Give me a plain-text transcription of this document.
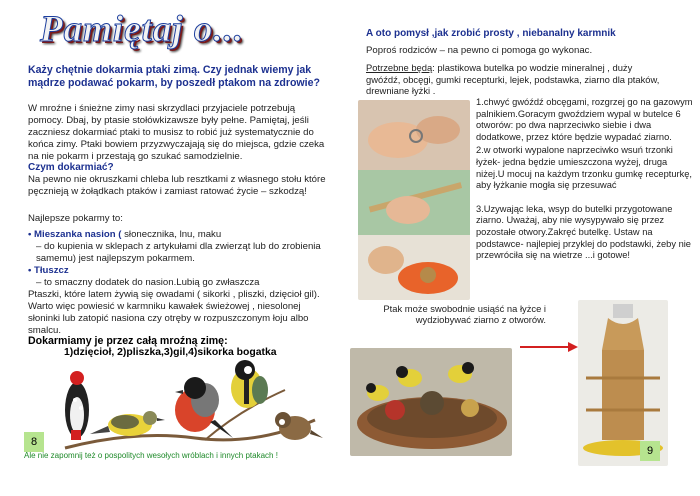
Pamiętaj o...
Każy chętnie dokarmia ptaki zimą. Czy jednak wiemy jak mądrze podawać pokarm, by poszedł ptakom na zdrowie?
W mroźne i śnieżne zimy nasi skrzydlaci przyjaciele potrzebują pomocy. Dbaj, by ptasie stołówkizawsze były pełne. Pamiętaj, jeśli zaczniesz dokarmiać ptaki to musisz to robić już systematycznie do końca zimy. Ptaki bowiem przyzwyczajają się do miejsca, gdzie czeka na nie pokarm i przestają go szukać samodzielnie.
Czym dokarmiać?
Na pewno nie okruszkami chleba lub resztkami z własnego stołu które pęcznieją w żołądkach ptaków i zamiast ratować życie – szkodzą!
Najlepsze pokarmy to:
• Mieszanka nasion ( słonecznika, lnu, maku
– do kupienia w sklepach z artykułami dla zwierząt lub do zrobienia samemu) jest najlepszym pokarmem.
• Tłuszcz
– to smaczny dodatek do nasion.Lubią go zwłaszcza
Ptaszki, które latem żywią się owadami ( sikorki , pliszki, dzięcioł gil). Warto więc powiesić w karmniku kawałek świeżowej , niesolonej słoninki lub zatopić nasiona czy otręby w rozpuszczonym łoju albo smalcu.
Dokarmiamy je przez całą mroźną zimę:
1)dzięcioł, 2)pliszka,3)gil,4)sikorka bogatka
8
Ale nie zapomnij też o pospolitych wesołych wróblach i innych ptakach !
A oto pomysł ,jak zrobić prosty , niebanalny karmnik
Poproś rodziców – na pewno ci pomoga go wykonac.
Potrzebne będą: plastikowa butelka po wodzie mineralnej , duży gwóźdź, obcęgi, gumki recepturki, lejek, podstawka, ziarno dla ptaków, drewniane łyżki .
1.chwyć gwóźdź obcęgami, rozgrzej go na gazowym palnikiem.Goracym gwoździem wypal w butelce 6 otworów: po dwa naprzeciwko siebie i dwa dodatkowe, przez które będzie wypadać ziarno.
2.w otworki wypalone naprzeciwko wsuń trzonki łyżek- jedna będzie umieszczona wyżej, druga niżej.U mocuj na każdym trzonku gumkę recepturkę, aby łyżkanie mogła się przesuwać
3.Uzywając leka, wsyp do butelki przygotowane ziarno. Uważaj, aby nie wysypywało się przez pozostałe otwory.Zakręć butelkę. Ustaw na podstawce- najlepiej przyklej do podstawki, żeby nie przewróciła się na wietrze ...i gotowe!
Ptak może swobodnie usiąść na łyżce i wydziobywać ziarno z otworów.
9
